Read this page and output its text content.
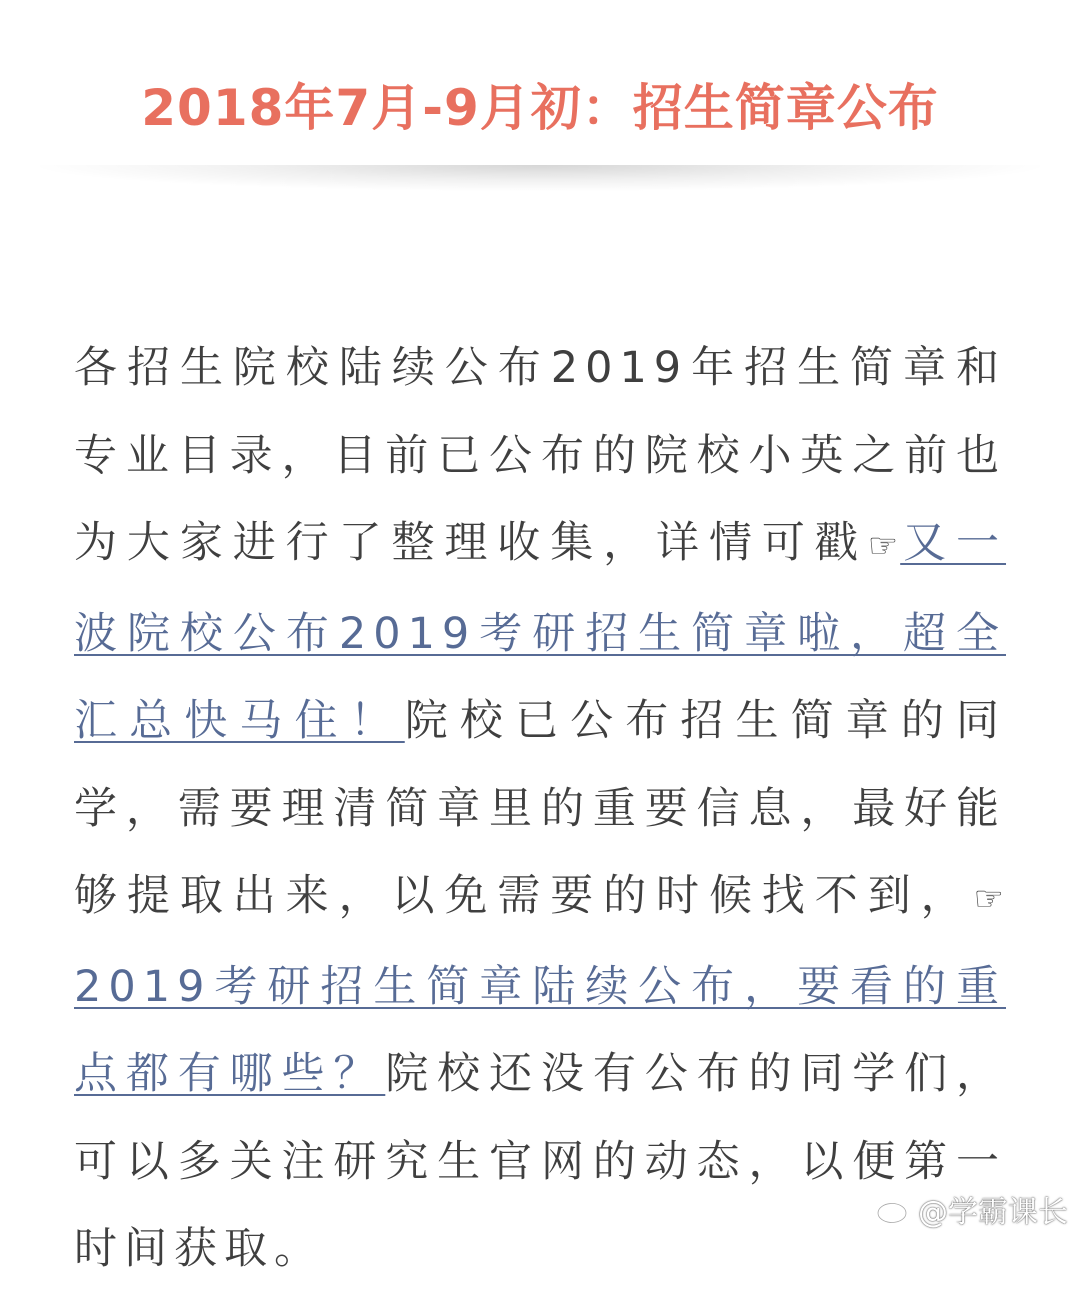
2018年7月-9月初：招生简章公布
各招生院校陆续公布2019年招生简章和专业目录，目前已公布的院校小英之前也为大家进行了整理收集，详情可戳☞又一波院校公布2019考研招生简章啦，超全汇总快马住！院校已公布招生简章的同学，需要理清简章里的重要信息，最好能够提取出来，以免需要的时候找不到，☞2019考研招生简章陆续公布，要看的重点都有哪些？院校还没有公布的同学们，可以多关注研究生官网的动态，以便第一时间获取。
@学霸课长
